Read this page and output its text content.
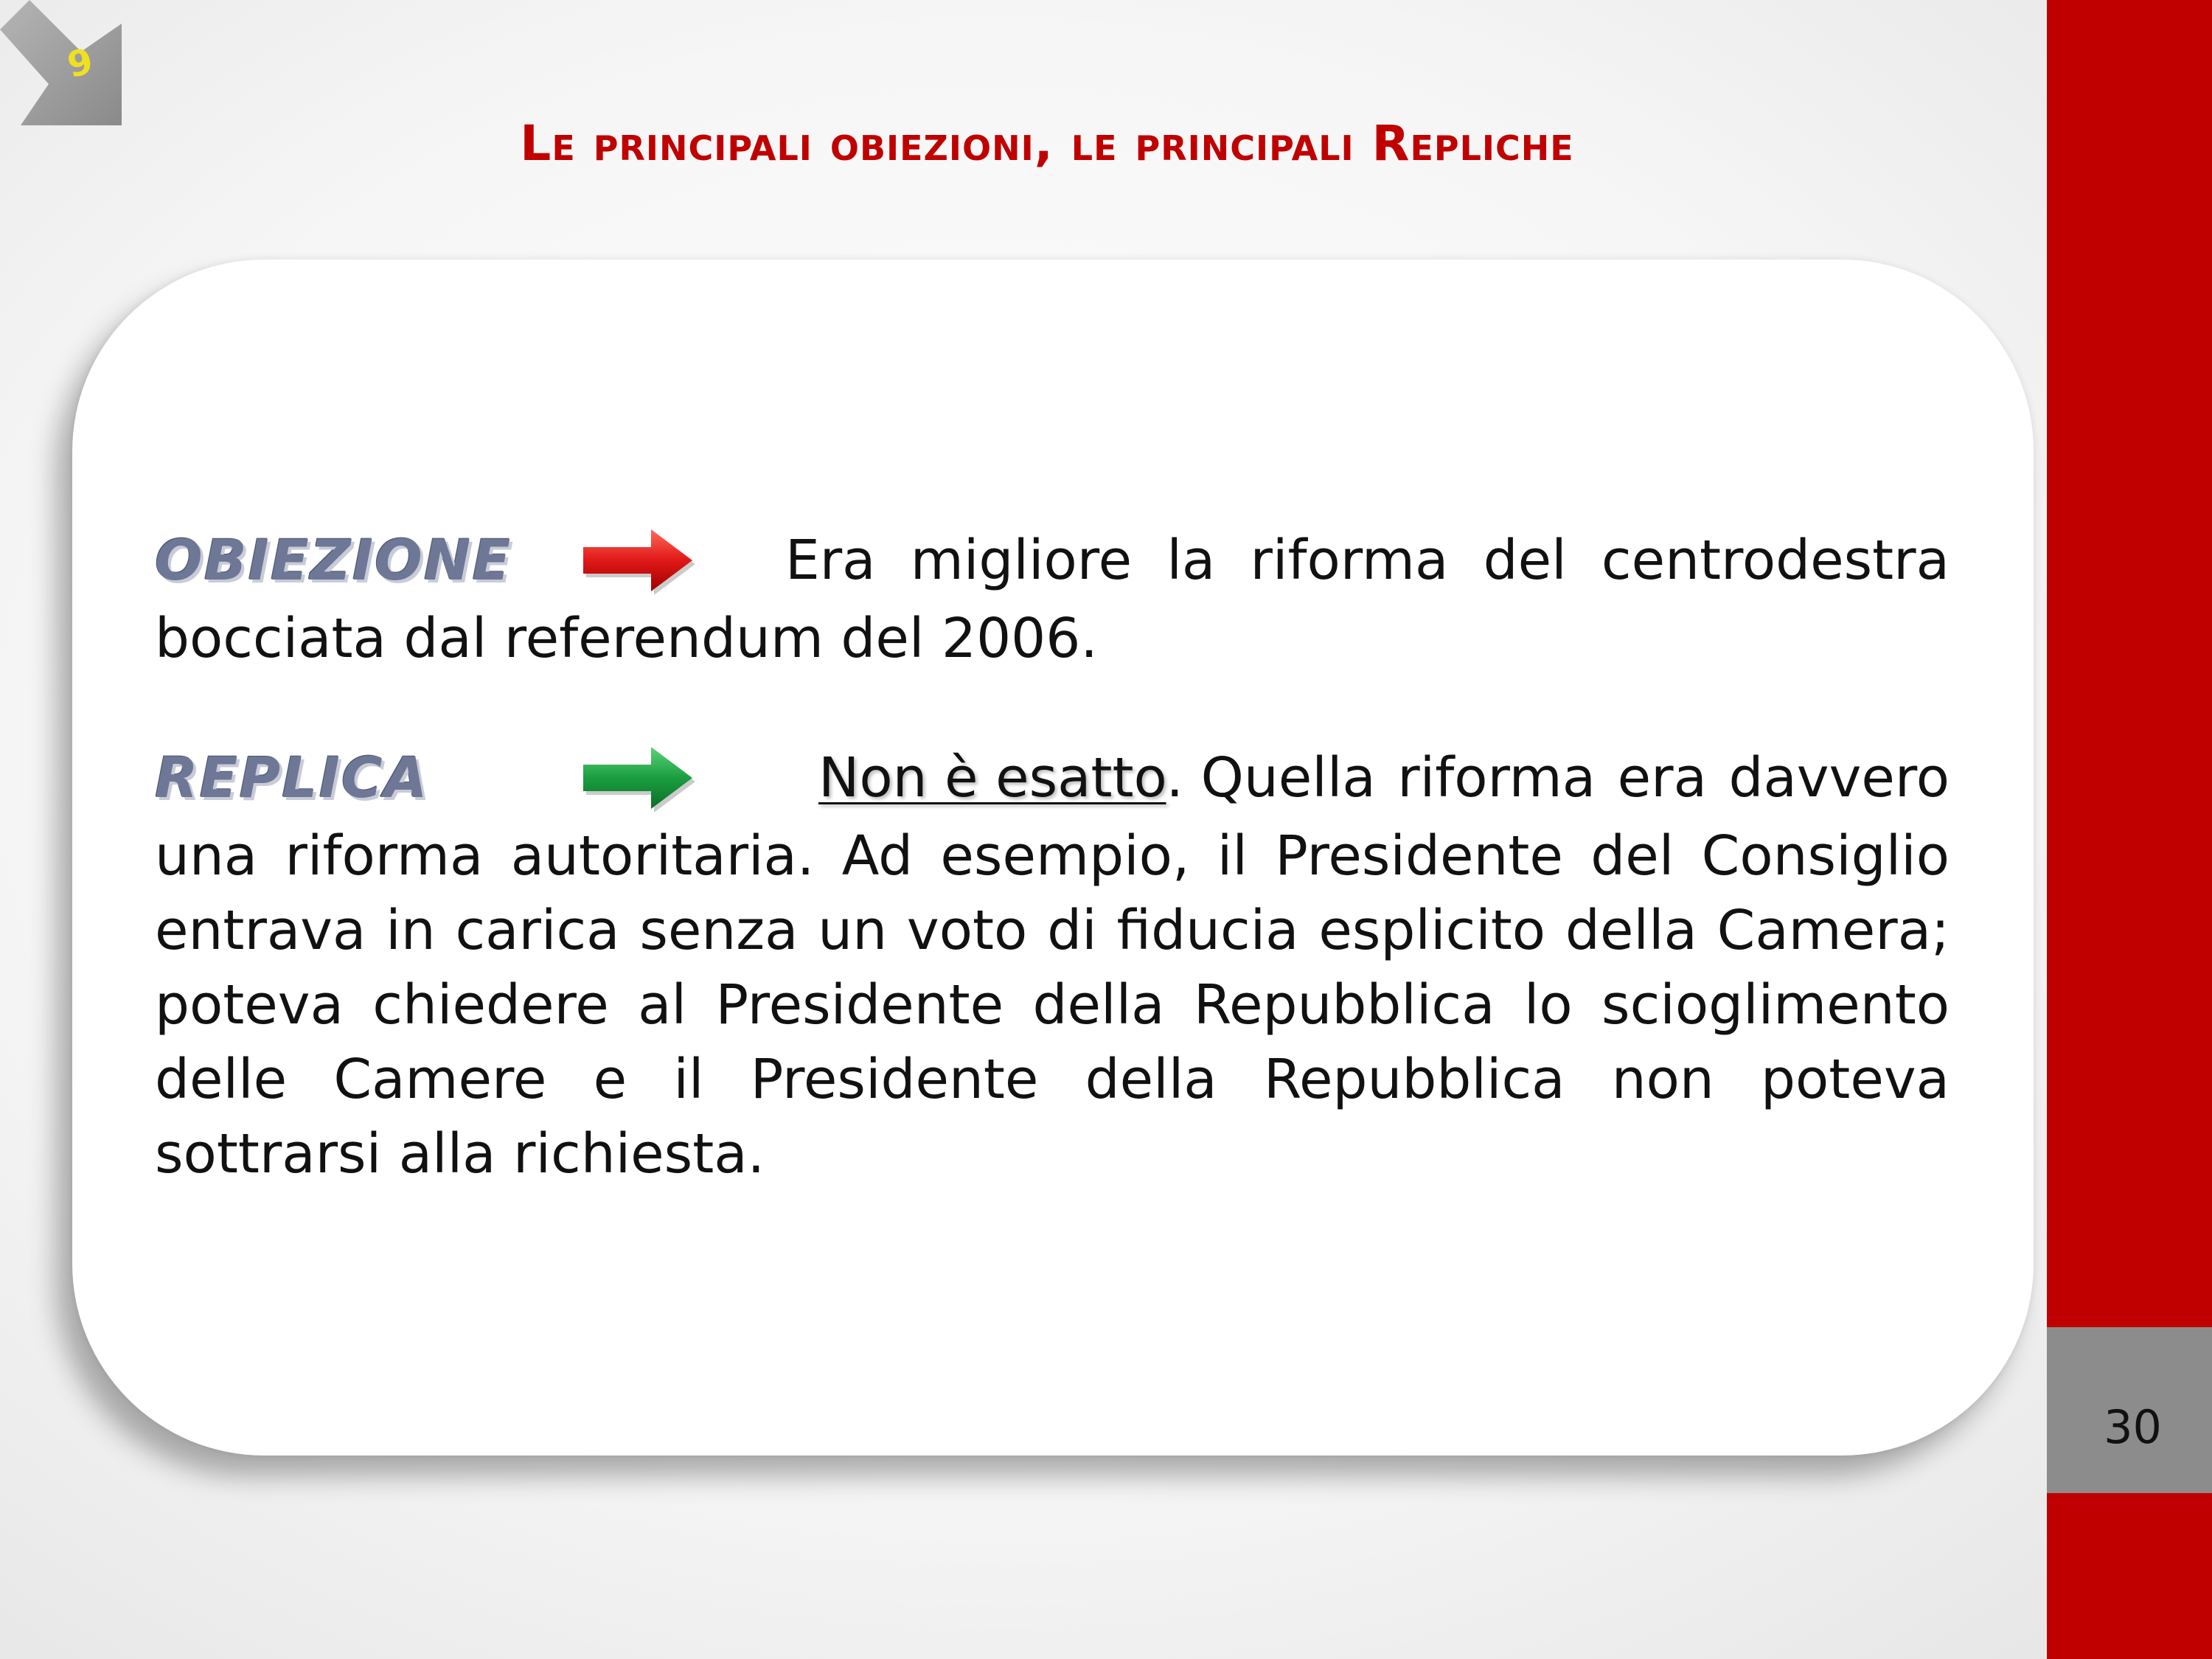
30
9
Le principali obiezioni, le principali Repliche
OBIEZIONE	Era migliore la riforma del centrodestra
bocciata dal referendum del 2006.
REPLICA	Non è esatto. Quella riforma era davvero
una riforma autoritaria. Ad esempio, il Presidente del Consiglio entrava in carica senza un voto di fiducia esplicito della Camera; poteva chiedere al Presidente della Repubblica lo scioglimento delle Camere e il Presidente della Repubblica non poteva sottrarsi alla richiesta.
